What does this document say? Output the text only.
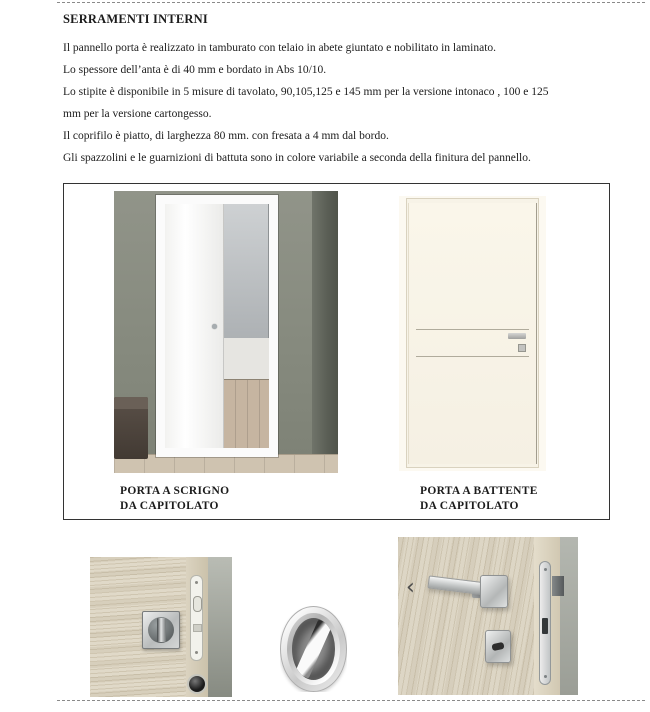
SERRAMENTI INTERNI
Il pannello porta è realizzato in tamburato con telaio in abete giuntato e nobilitato in laminato.
Lo spessore dell’anta è di 40 mm e bordato in Abs 10/10.
Lo stipite è disponibile in 5 misure di tavolato, 90,105,125 e 145 mm per la versione intonaco , 100 e 125
mm per la versione cartongesso.
Il coprifilo è piatto, di larghezza 80 mm. con fresata a 4 mm dal bordo.
Gli spazzolini e le guarnizioni di battuta sono in colore variabile a seconda della finitura del pannello.
PORTA A SCRIGNO
DA CAPITOLATO
PORTA A BATTENTE
DA CAPITOLATO
‹
